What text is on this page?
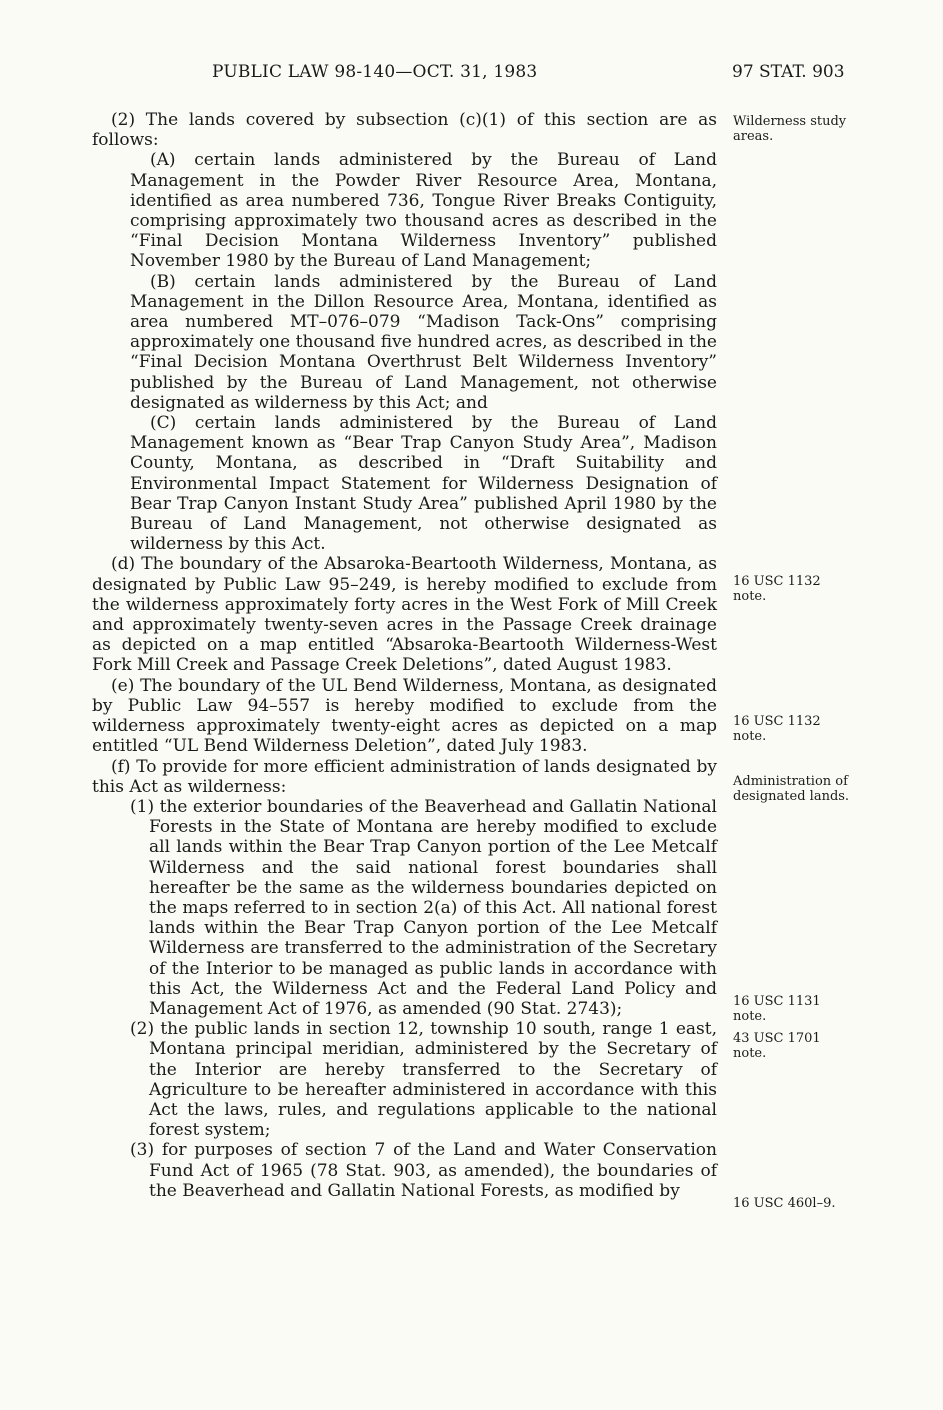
PUBLIC LAW 98-140—OCT. 31, 1983	97 STAT. 903

(2) The lands covered by subsection (c)(1) of this section are as follows:

(A) certain lands administered by the Bureau of Land Management in the Powder River Resource Area, Montana, identified as area numbered 736, Tongue River Breaks Contiguity, comprising approximately two thousand acres as described in the “Final Decision Montana Wilderness Inventory” published November 1980 by the Bureau of Land Management;

(B) certain lands administered by the Bureau of Land Management in the Dillon Resource Area, Montana, identified as area numbered MT–076–079 “Madison Tack-Ons” comprising approximately one thousand five hundred acres, as described in the “Final Decision Montana Overthrust Belt Wilderness Inventory” published by the Bureau of Land Management, not otherwise designated as wilderness by this Act; and

(C) certain lands administered by the Bureau of Land Management known as “Bear Trap Canyon Study Area”, Madison County, Montana, as described in “Draft Suitability and Environmental Impact Statement for Wilderness Designation of Bear Trap Canyon Instant Study Area” published April 1980 by the Bureau of Land Management, not otherwise designated as wilderness by this Act.

(d) The boundary of the Absaroka-Beartooth Wilderness, Montana, as designated by Public Law 95–249, is hereby modified to exclude from the wilderness approximately forty acres in the West Fork of Mill Creek and approximately twenty-seven acres in the Passage Creek drainage as depicted on a map entitled “Absaroka-Beartooth Wilderness-West Fork Mill Creek and Passage Creek Deletions”, dated August 1983.

(e) The boundary of the UL Bend Wilderness, Montana, as designated by Public Law 94–557 is hereby modified to exclude from the wilderness approximately twenty-eight acres as depicted on a map entitled “UL Bend Wilderness Deletion”, dated July 1983.

(f) To provide for more efficient administration of lands designated by this Act as wilderness:

(1) the exterior boundaries of the Beaverhead and Gallatin National Forests in the State of Montana are hereby modified to exclude all lands within the Bear Trap Canyon portion of the Lee Metcalf Wilderness and the said national forest boundaries shall hereafter be the same as the wilderness boundaries depicted on the maps referred to in section 2(a) of this Act. All national forest lands within the Bear Trap Canyon portion of the Lee Metcalf Wilderness are transferred to the administration of the Secretary of the Interior to be managed as public lands in accordance with this Act, the Wilderness Act and the Federal Land Policy and Management Act of 1976, as amended (90 Stat. 2743);

(2) the public lands in section 12, township 10 south, range 1 east, Montana principal meridian, administered by the Secretary of the Interior are hereby transferred to the Secretary of Agriculture to be hereafter administered in accordance with this Act the laws, rules, and regulations applicable to the national forest system;

(3) for purposes of section 7 of the Land and Water Conservation Fund Act of 1965 (78 Stat. 903, as amended), the boundaries of the Beaverhead and Gallatin National Forests, as modified by

Wilderness study areas.
16 USC 1132 note.
16 USC 1132 note.
Administration of designated lands.
16 USC 1131 note.
43 USC 1701 note.
16 USC 460l–9.
